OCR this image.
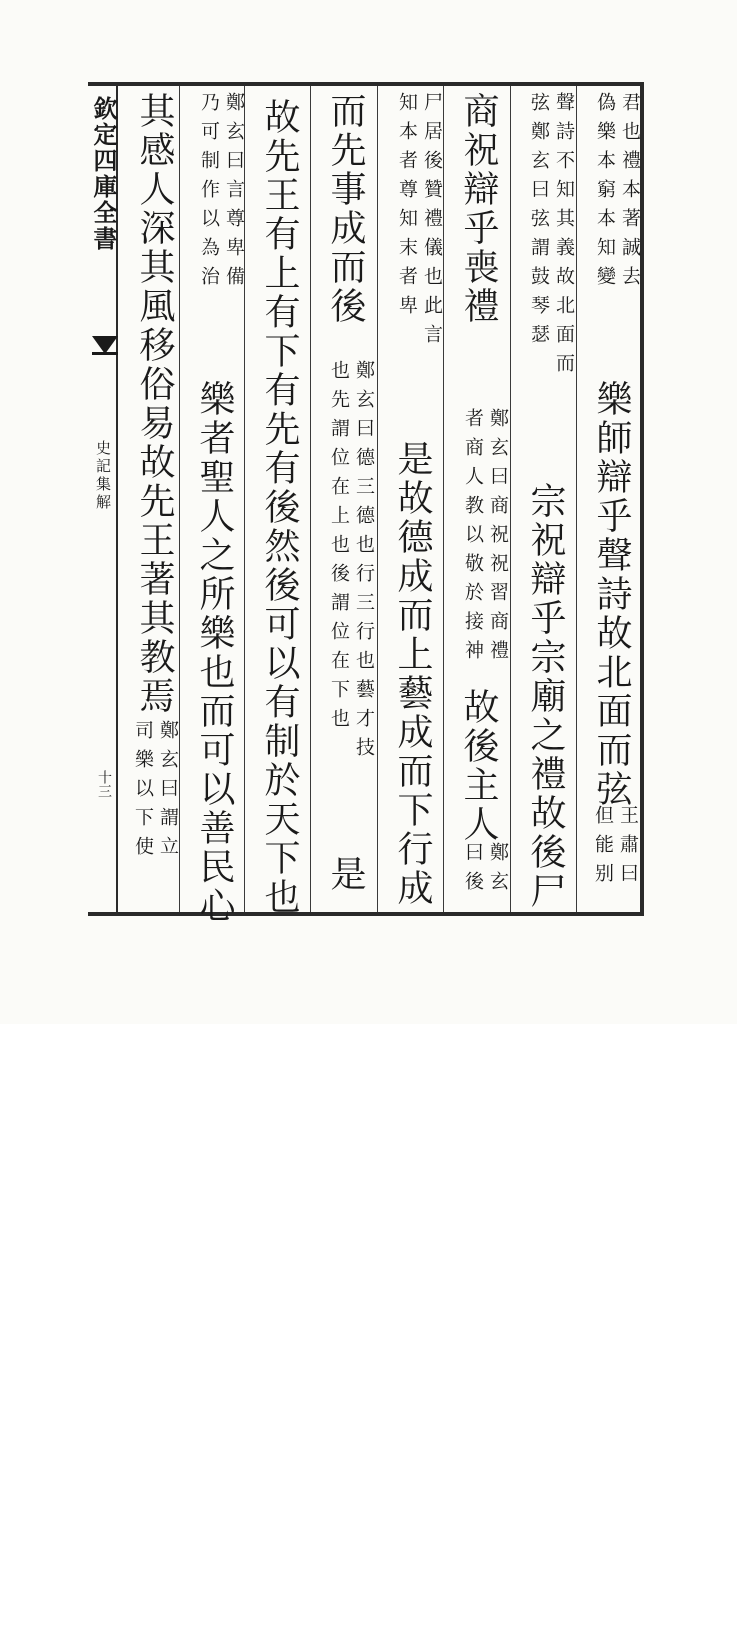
欽定四庫全書
史記集解
十三
君也禮本著誠去
偽樂本窮本知變
樂師辯乎聲詩故北面而弦
王肅曰
但能别
聲詩不知其義故北面而
弦鄭玄曰弦謂鼓琴瑟
宗祝辯乎宗廟之禮故後尸
商祝辯乎喪禮
鄭玄曰商祝祝習商禮
者商人教以敬於接神
故後主人
鄭玄
曰後
尸居後贊禮儀也此言
知本者尊知末者卑
是故德成而上藝成而下行成
而先事成而後
鄭玄曰德三德也行三行也藝才技
也先謂位在上也後謂位在下也
是
故先王有上有下有先有後然後可以有制於天下也
鄭玄曰言尊卑備
乃可制作以為治
樂者聖人之所樂也而可以善民心
其感人深其風移俗易故先王著其教焉
鄭玄曰謂立
司樂以下使
